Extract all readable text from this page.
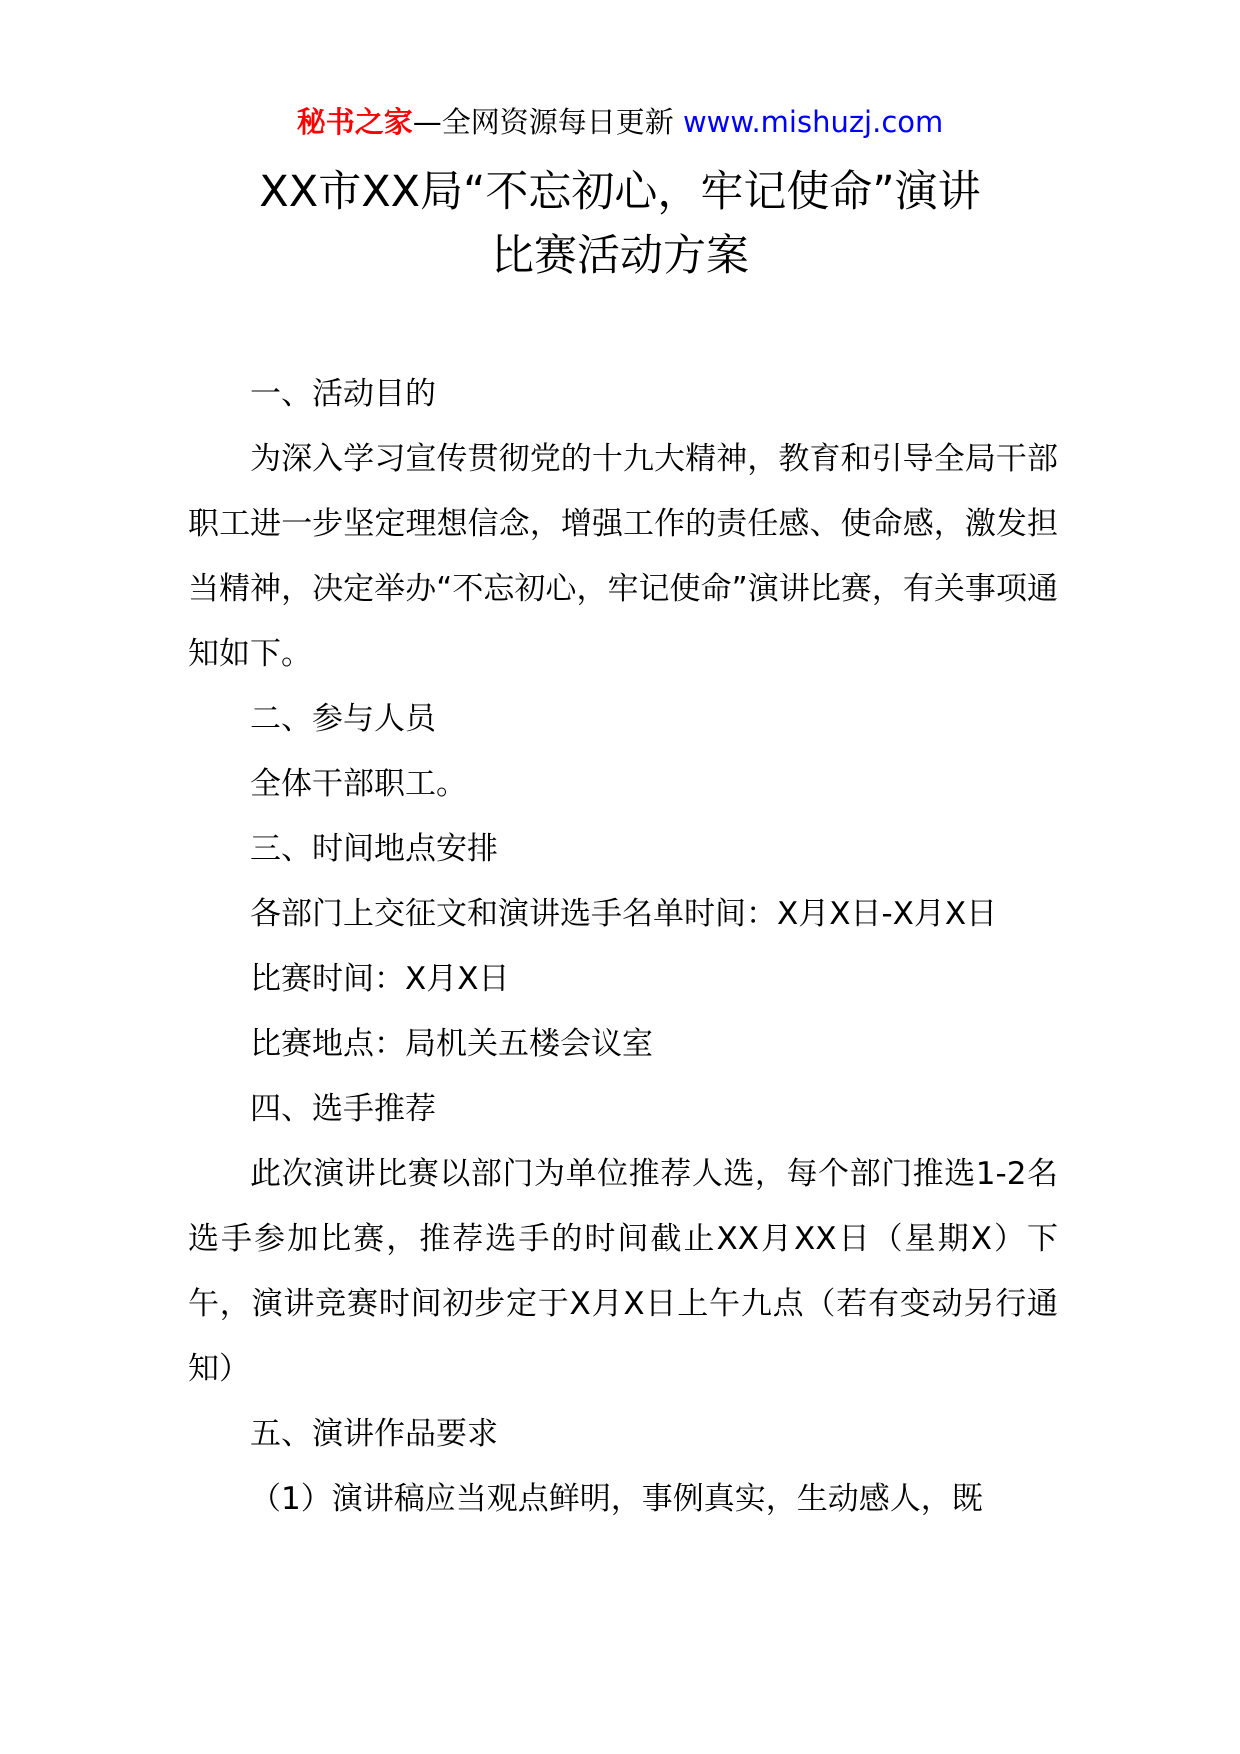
秘书之家—全网资源每日更新 www.mishuzj.com
XX市XX局“不忘初心，牢记使命”演讲
比赛活动方案

一、活动目的

为深入学习宣传贯彻党的十九大精神，教育和引导全局干部职工进一步坚定理想信念，增强工作的责任感、使命感，激发担当精神，决定举办“不忘初心，牢记使命”演讲比赛，有关事项通知如下。

二、参与人员

全体干部职工。

三、时间地点安排

各部门上交征文和演讲选手名单时间：X月X日-X月X日

比赛时间：X月X日

比赛地点：局机关五楼会议室

四、选手推荐

此次演讲比赛以部门为单位推荐人选，每个部门推选1-2名选手参加比赛，推荐选手的时间截止XX月XX日（星期X）下午，演讲竞赛时间初步定于X月X日上午九点（若有变动另行通知）

五、演讲作品要求

（1）演讲稿应当观点鲜明，事例真实，生动感人，既
